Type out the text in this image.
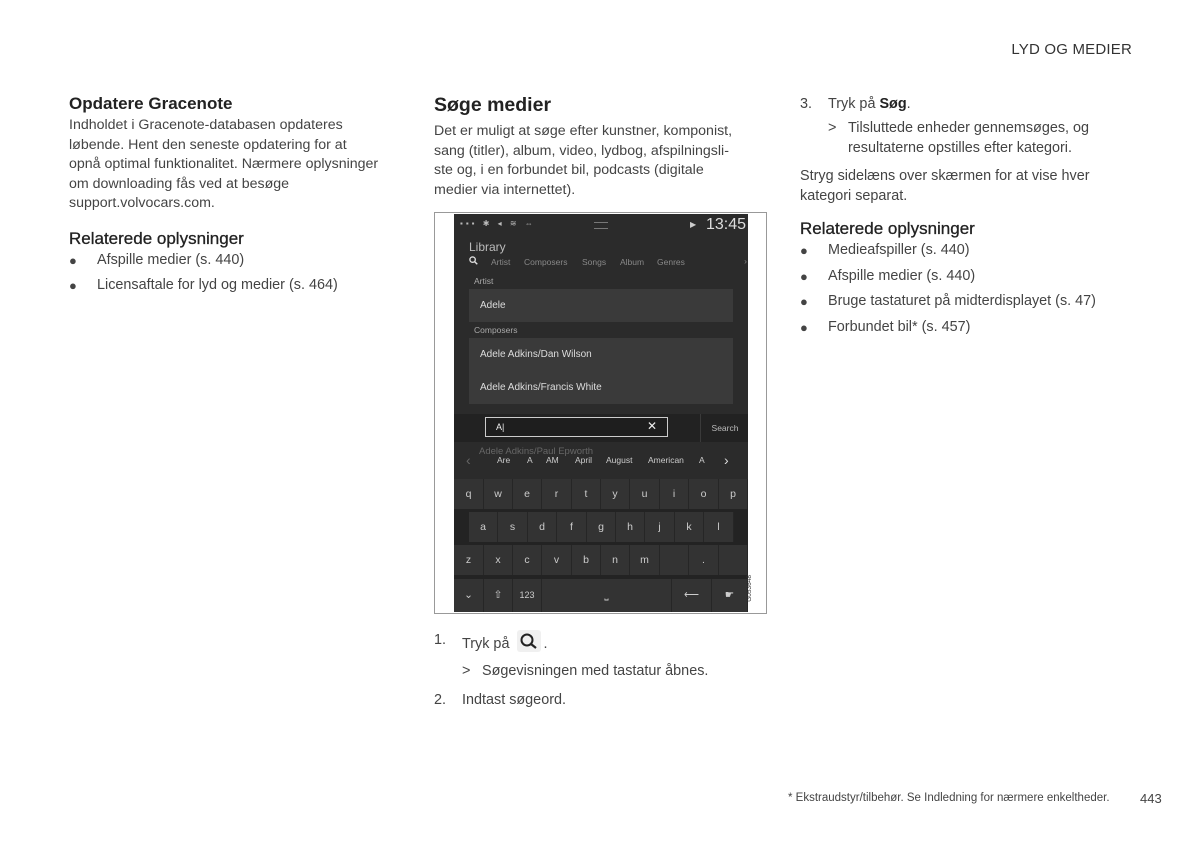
LYD OG MEDIER
Opdatere Gracenote

Indholdet i Gracenote-databasen opdateres
løbende. Hent den seneste opdatering for at
opnå optimal funktionalitet. Nærmere oplysninger
om downloading fås ved at besøge
support.volvocars.com.

Relaterede oplysninger
● Afspille medier (s. 440)
● Licensaftale for lyd og medier (s. 464)
Søge medier

Det er muligt at søge efter kunstner, komponist,
sang (titler), album, video, lydbog, afspilningsli-
ste og, i en forbundet bil, podcasts (digitale
medier via internettet).

▪▪▪ ✱ ◂ ≋ ⇔	▶ 13:45
Library
Artist Composers Songs Album Genres	›
Artist
Adele
Composers
Adele Adkins/Dan Wilson
Adele Adkins/Francis White
A|	✕	Search
Adele Adkins/Paul Epworth
‹	Are A AM April August American A ›
q	w	e	r	t	y	u	i	o	p
a	s	d	f	g	h	j	k	l
z	x	c	v	b	n	m	.
⌄	⇧	123	⎵	⟵	☛	G053648
1. Tryk på .
> Søgevisningen med tastatur åbnes.
2. Indtast søgeord.
3. Tryk på Søg.
> Tilsluttede enheder gennemsøges, og
resultaterne opstilles efter kategori.

Stryg sidelæns over skærmen for at vise hver
kategori separat.

Relaterede oplysninger
● Medieafspiller (s. 440)
● Afspille medier (s. 440)
● Bruge tastaturet på midterdisplayet (s. 47)
● Forbundet bil* (s. 457)
* Ekstraudstyr/tilbehør. Se Indledning for nærmere enkeltheder. 443
